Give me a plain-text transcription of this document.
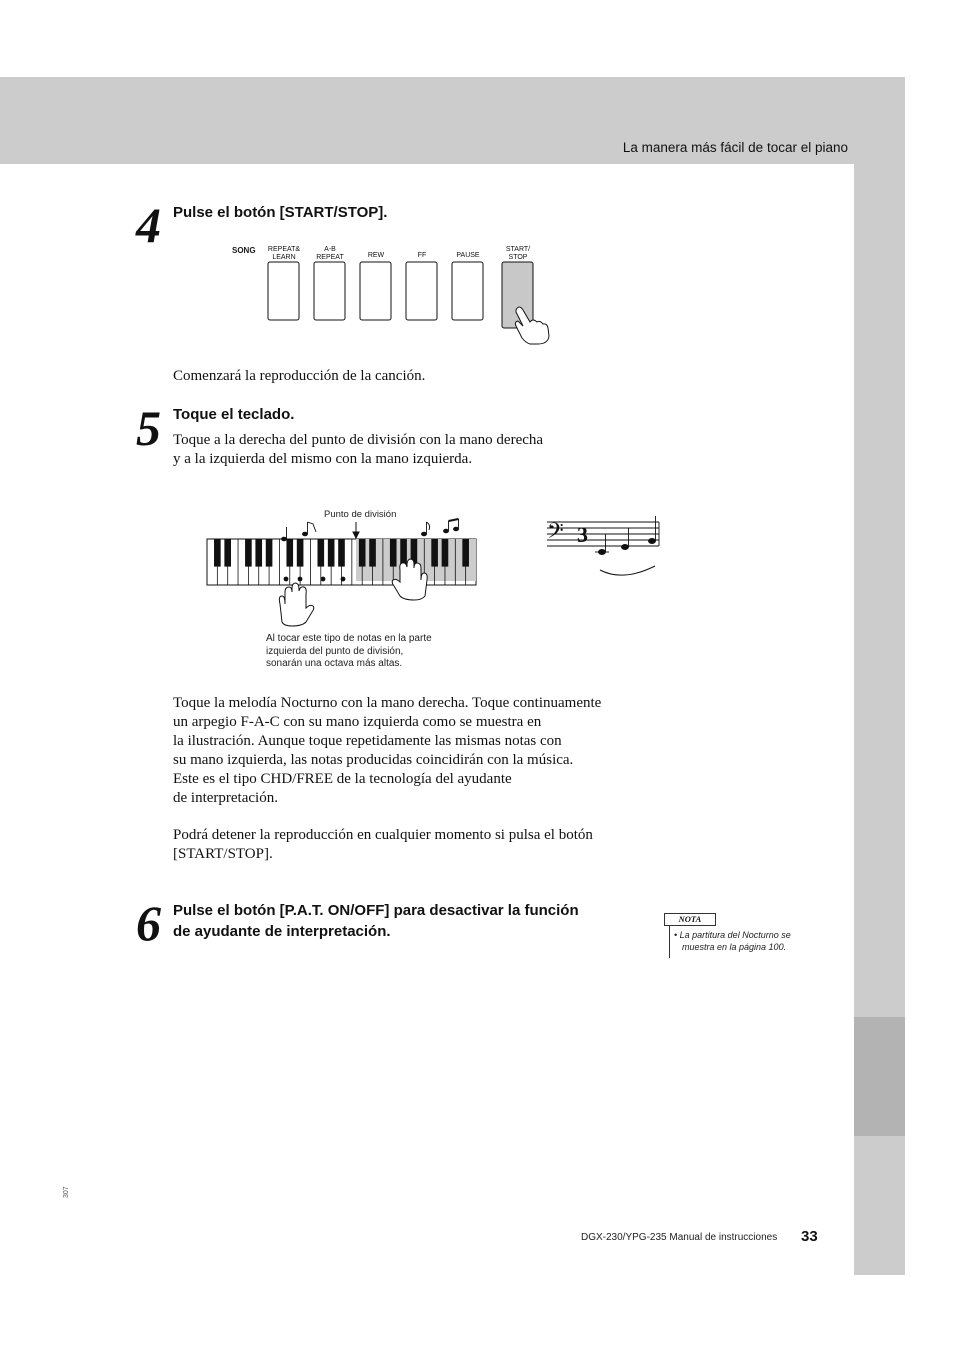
La manera más fácil de tocar el piano
4 Pulse el botón [START/STOP].
SONG	REPEAT&
LEARN
A-B
REPEAT	REW	FF	PAUSE
START/
STOP
Comenzará la reproducción de la canción.
5 Toque el teclado.
Toque a la derecha del punto de división con la mano derecha
y a la izquierda del mismo con la mano izquierda.
Punto de división
Al tocar este tipo de notas en la parte
izquierda del punto de división,
sonarán una octava más altas.
𝄢 3
Toque la melodía Nocturno con la mano derecha. Toque continuamente
un arpegio F-A-C con su mano izquierda como se muestra en
la ilustración. Aunque toque repetidamente las mismas notas con
su mano izquierda, las notas producidas coincidirán con la música.
Este es el tipo CHD/FREE de la tecnología del ayudante
de interpretación.
Podrá detener la reproducción en cualquier momento si pulsa el botón
[START/STOP].
6 Pulse el botón [P.A.T. ON/OFF] para desactivar la función
de ayudante de interpretación.
NOTA
• La partitura del Nocturno se
muestra en la página 100.
307
DGX-230/YPG-235 Manual de instrucciones 33
